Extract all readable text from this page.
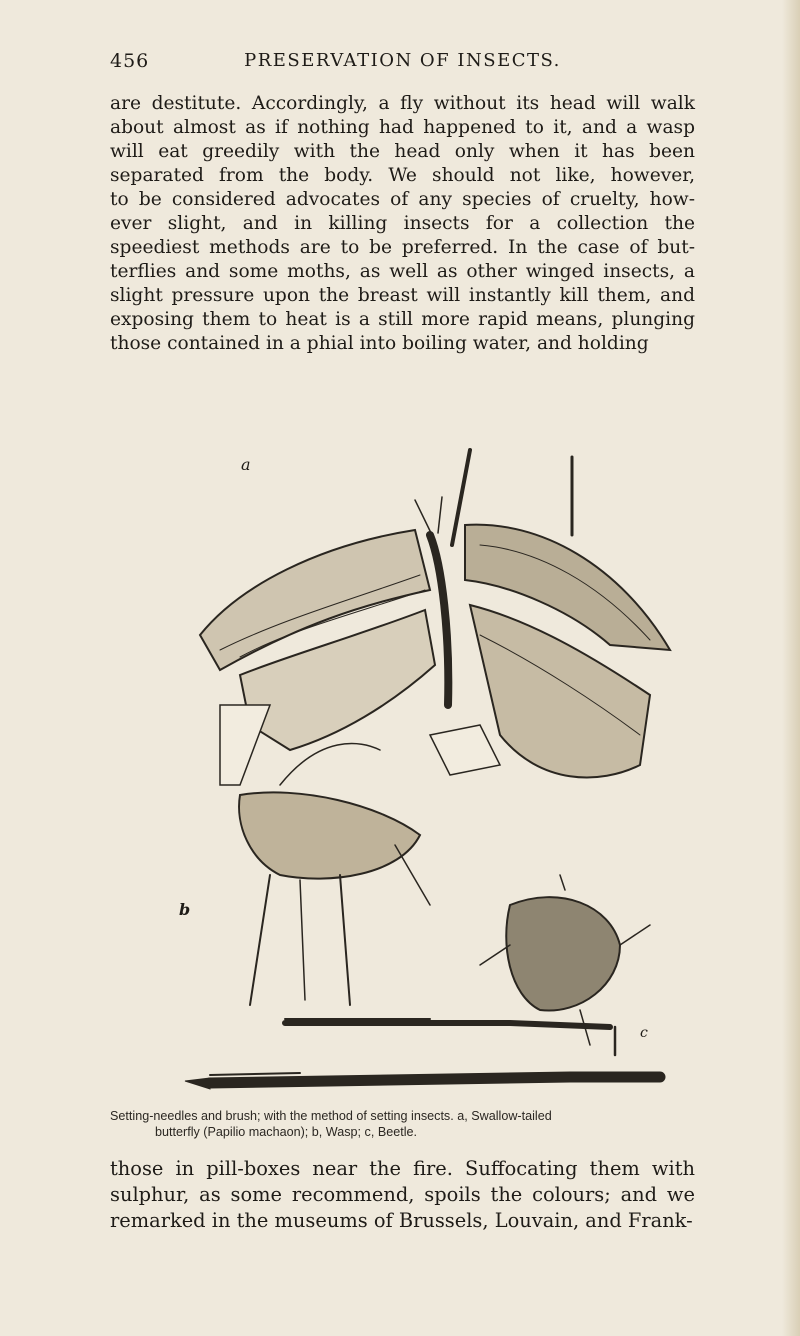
456	PRESERVATION OF INSECTS.
are destitute. Accordingly, a fly without its head will walk
about almost as if nothing had happened to it, and a wasp
will eat greedily with the head only when it has been
separated from the body. We should not like, however,
to be considered advocates of any species of cruelty, how-
ever slight, and in killing insects for a collection the
speediest methods are to be preferred. In the case of but-
terflies and some moths, as well as other winged insects, a
slight pressure upon the breast will instantly kill them, and
exposing them to heat is a still more rapid means, plunging
those contained in a phial into boiling water, and holding
a
b
c
Setting-needles and brush; with the method of setting insects. a, Swallow-tailed
butterfly (Papilio machaon); b, Wasp; c, Beetle.
those in pill-boxes near the fire. Suffocating them with
sulphur, as some recommend, spoils the colours; and we
remarked in the museums of Brussels, Louvain, and Frank-
